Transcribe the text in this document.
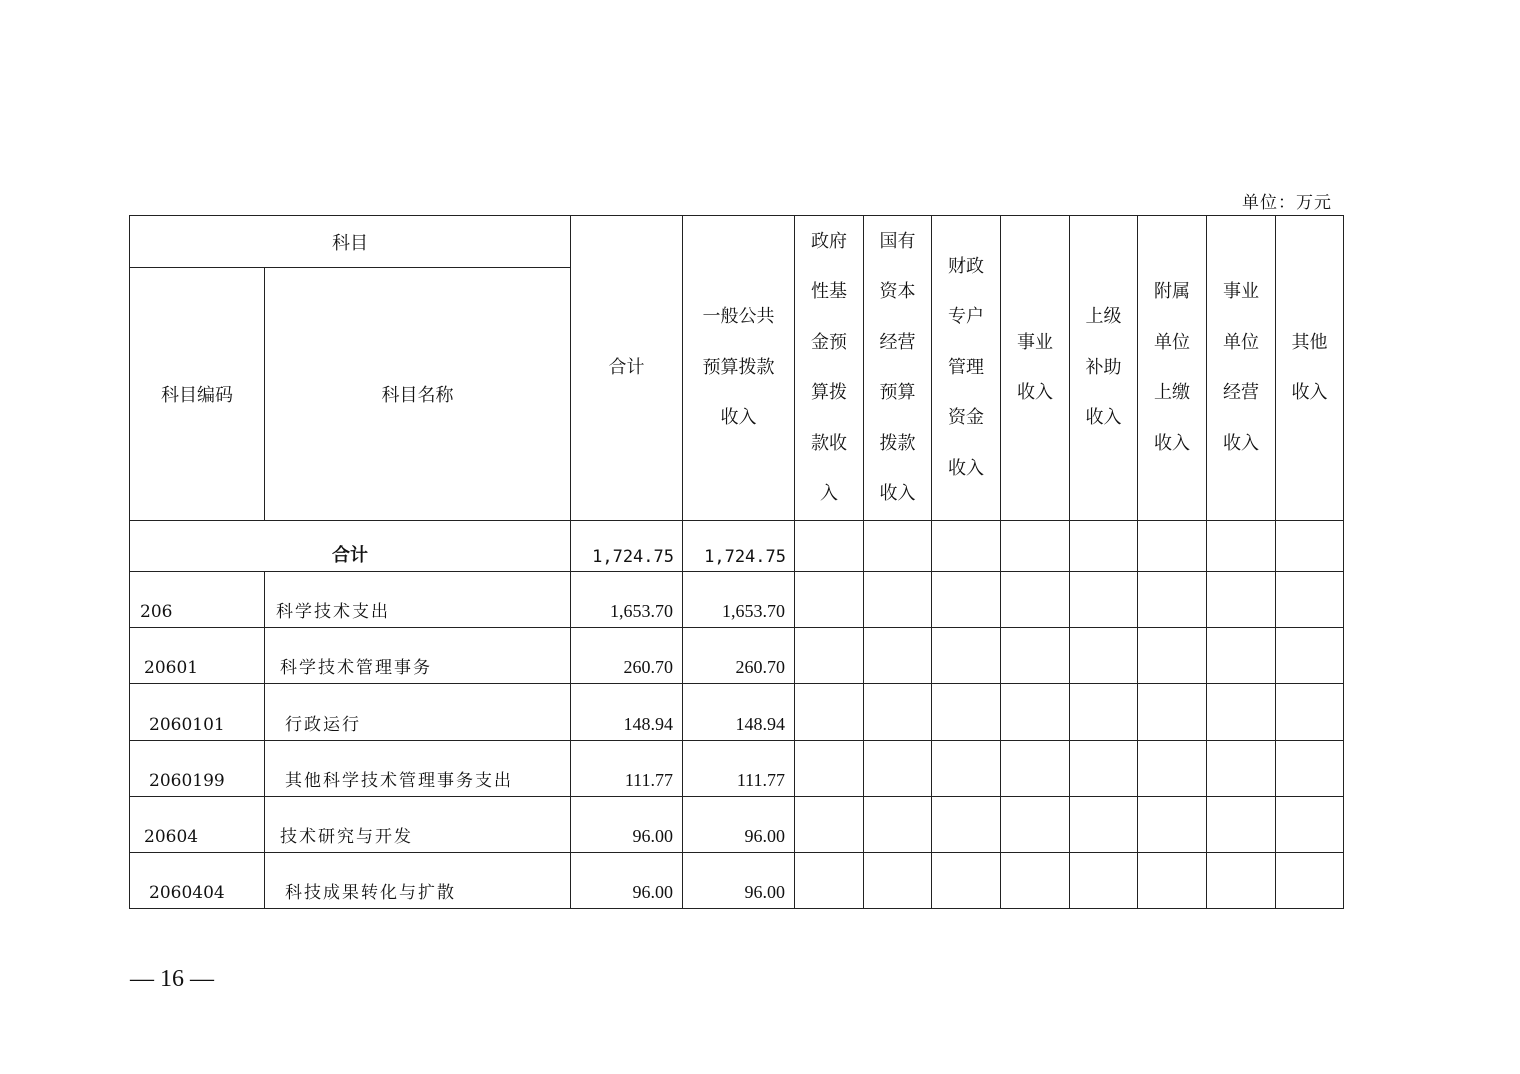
单位：万元
科目		合计	一般公共预算拨款收入	政府性基金预算拨款收入	国有资本经营预算拨款收入	财政专户管理资金收入	事业收入	上级补助收入	附属单位上缴收入	事业单位经营收入	其他收入
科目编码	科目名称										
合计		1,724.75	1,724.75								
206	科学技术支出	1,653.70	1,653.70								
20601	科学技术管理事务	260.70	260.70								
2060101	行政运行	148.94	148.94								
2060199	其他科学技术管理事务支出	111.77	111.77								
20604	技术研究与开发	96.00	96.00								
2060404	科技成果转化与扩散	96.00	96.00								
— 16 —
